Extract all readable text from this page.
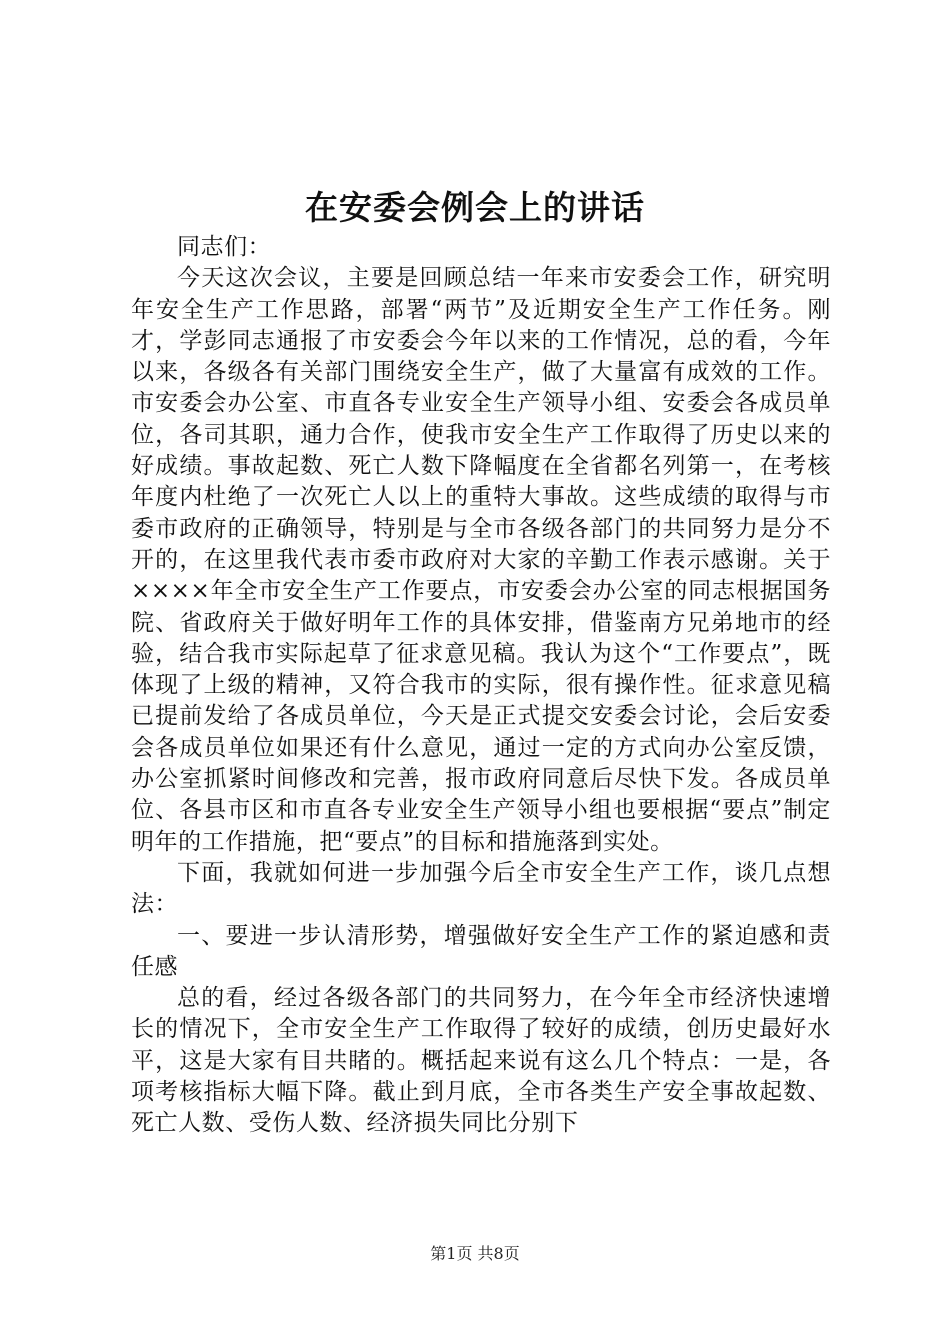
在安委会例会上的讲话

同志们：

今天这次会议，主要是回顾总结一年来市安委会工作，研究明年安全生产工作思路，部署“两节”及近期安全生产工作任务。刚才，学彭同志通报了市安委会今年以来的工作情况，总的看，今年以来，各级各有关部门围绕安全生产，做了大量富有成效的工作。市安委会办公室、市直各专业安全生产领导小组、安委会各成员单位，各司其职，通力合作，使我市安全生产工作取得了历史以来的好成绩。事故起数、死亡人数下降幅度在全省都名列第一，在考核年度内杜绝了一次死亡人以上的重特大事故。这些成绩的取得与市委市政府的正确领导，特别是与全市各级各部门的共同努力是分不开的，在这里我代表市委市政府对大家的辛勤工作表示感谢。关于××××年全市安全生产工作要点，市安委会办公室的同志根据国务院、省政府关于做好明年工作的具体安排，借鉴南方兄弟地市的经验，结合我市实际起草了征求意见稿。我认为这个“工作要点”，既体现了上级的精神，又符合我市的实际，很有操作性。征求意见稿已提前发给了各成员单位，今天是正式提交安委会讨论，会后安委会各成员单位如果还有什么意见，通过一定的方式向办公室反馈，办公室抓紧时间修改和完善，报市政府同意后尽快下发。各成员单位、各县市区和市直各专业安全生产领导小组也要根据“要点”制定明年的工作措施，把“要点”的目标和措施落到实处。

下面，我就如何进一步加强今后全市安全生产工作，谈几点想法：

一、要进一步认清形势，增强做好安全生产工作的紧迫感和责任感

总的看，经过各级各部门的共同努力，在今年全市经济快速增长的情况下，全市安全生产工作取得了较好的成绩，创历史最好水平，这是大家有目共睹的。概括起来说有这么几个特点：一是，各项考核指标大幅下降。截止到月底，全市各类生产安全事故起数、死亡人数、受伤人数、经济损失同比分别下

第1页 共8页
